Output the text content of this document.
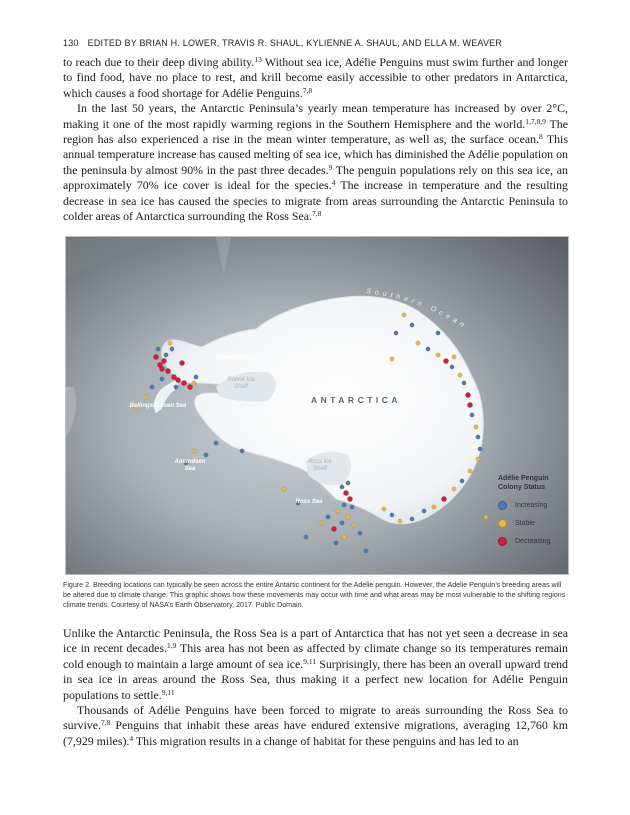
130 EDITED BY BRIAN H. LOWER, TRAVIS R. SHAUL, KYLIENNE A. SHAUL, AND ELLA M. WEAVER

to reach due to their deep diving ability.$^{13}$ Without sea ice, Adélie Penguins must swim further and longer to find food, have no place to rest, and krill become easily accessible to other predators in Antarctica, which causes a food shortage for Adélie Penguins.$^{7,8}$

In the last 50 years, the Antarctic Peninsula’s yearly mean temperature has increased by over 2°C, making it one of the most rapidly warming regions in the Southern Hemisphere and the world.$^{1,7,8,9}$ The region has also experienced a rise in the mean winter temperature, as well as, the surface ocean.$^8$ This annual temperature increase has caused melting of sea ice, which has diminished the Adélie population on the peninsula by almost 90% in the past three decades.$^9$ The penguin populations rely on this sea ice, an approximately 70% ice cover is ideal for the species.$^4$ The increase in temperature and the resulting decrease in sea ice has caused the species to migrate from areas surrounding the Antarctic Peninsula to colder areas of Antarctica surrounding the Ross Sea.$^{7,8}$

Weddell Sea
Ronne Ice Shelf
Bellingshausen Sea
Amundsen Sea
Ross Ice Shelf
Ross Sea
ANTARCTICA
Southern Ocean
Adélie Penguin Colony Status
Increasing
Stable
Decreasing
Figure 2. Breeding locations can typically be seen across the entire Antartic continent for the Adelie penguin. However, the Adelie Penguin’s breeding areas will be altered due to climate change. This graphic shows how these movements may occur with time and what areas may be most vulnerable to the shifting regions climate trends. Courtesy of NASA’s Earth Observatory, 2017. Public Domain.

Unlike the Antarctic Peninsula, the Ross Sea is a part of Antarctica that has not yet seen a decrease in sea ice in recent decades.$^{1,9}$ This area has not been as affected by climate change so its temperatures remain cold enough to maintain a large amount of sea ice.$^{9,11}$ Surprisingly, there has been an overall upward trend in sea ice in areas around the Ross Sea, thus making it a perfect new location for Adélie Penguin populations to settle.$^{9,11}$

Thousands of Adélie Penguins have been forced to migrate to areas surrounding the Ross Sea to survive.$^{7,8}$ Penguins that inhabit these areas have endured extensive migrations, averaging 12,760 km (7,929 miles).$^4$ This migration results in a change of habitat for these penguins and has led to an
